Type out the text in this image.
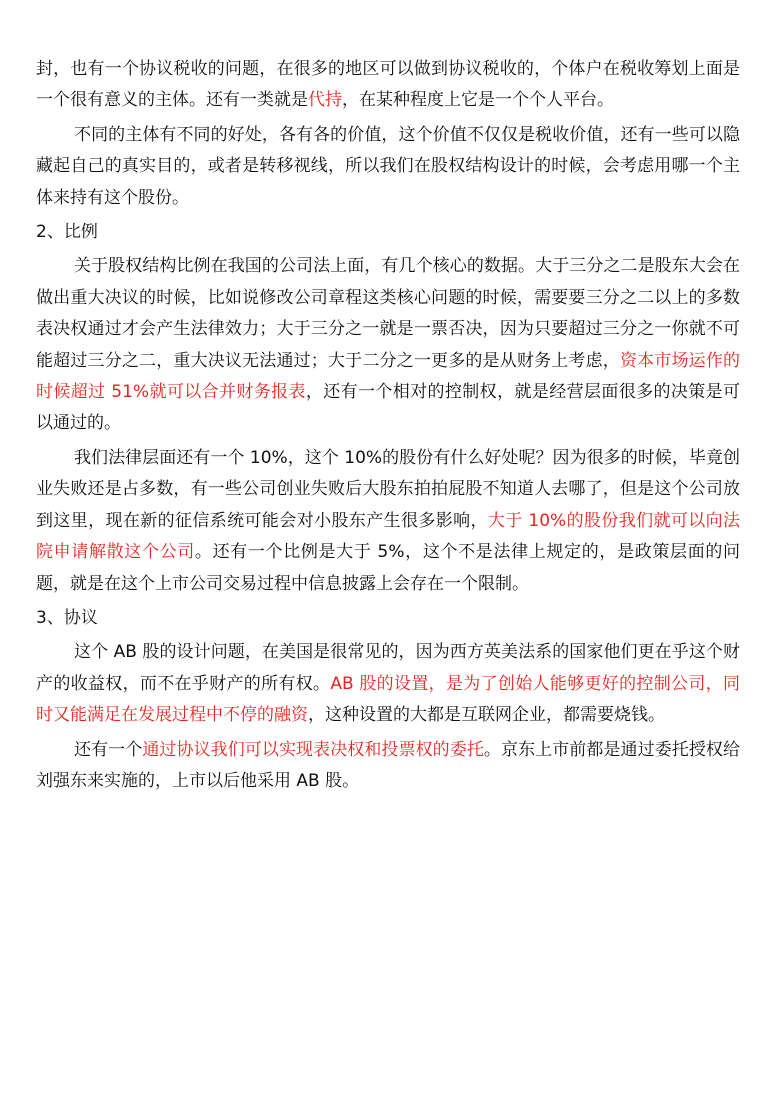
封，也有一个协议税收的问题，在很多的地区可以做到协议税收的，个体户在税收筹划上面是一个很有意义的主体。还有一类就是代持，在某种程度上它是一个个人平台。

不同的主体有不同的好处，各有各的价值，这个价值不仅仅是税收价值，还有一些可以隐藏起自己的真实目的，或者是转移视线，所以我们在股权结构设计的时候，会考虑用哪一个主体来持有这个股份。

2、比例

关于股权结构比例在我国的公司法上面，有几个核心的数据。大于三分之二是股东大会在做出重大决议的时候，比如说修改公司章程这类核心问题的时候，需要要三分之二以上的多数表决权通过才会产生法律效力；大于三分之一就是一票否决，因为只要超过三分之一你就不可能超过三分之二，重大决议无法通过；大于二分之一更多的是从财务上考虑，资本市场运作的时候超过 51%就可以合并财务报表，还有一个相对的控制权，就是经营层面很多的决策是可以通过的。

我们法律层面还有一个 10%，这个 10%的股份有什么好处呢？因为很多的时候，毕竟创业失败还是占多数，有一些公司创业失败后大股东拍拍屁股不知道人去哪了，但是这个公司放到这里，现在新的征信系统可能会对小股东产生很多影响，大于 10%的股份我们就可以向法院申请解散这个公司。还有一个比例是大于 5%，这个不是法律上规定的，是政策层面的问题，就是在这个上市公司交易过程中信息披露上会存在一个限制。

3、协议

这个 AB 股的设计问题，在美国是很常见的，因为西方英美法系的国家他们更在乎这个财产的收益权，而不在乎财产的所有权。AB 股的设置，是为了创始人能够更好的控制公司，同时又能满足在发展过程中不停的融资，这种设置的大都是互联网企业，都需要烧钱。

还有一个通过协议我们可以实现表决权和投票权的委托。京东上市前都是通过委托授权给刘强东来实施的，上市以后他采用 AB 股。
